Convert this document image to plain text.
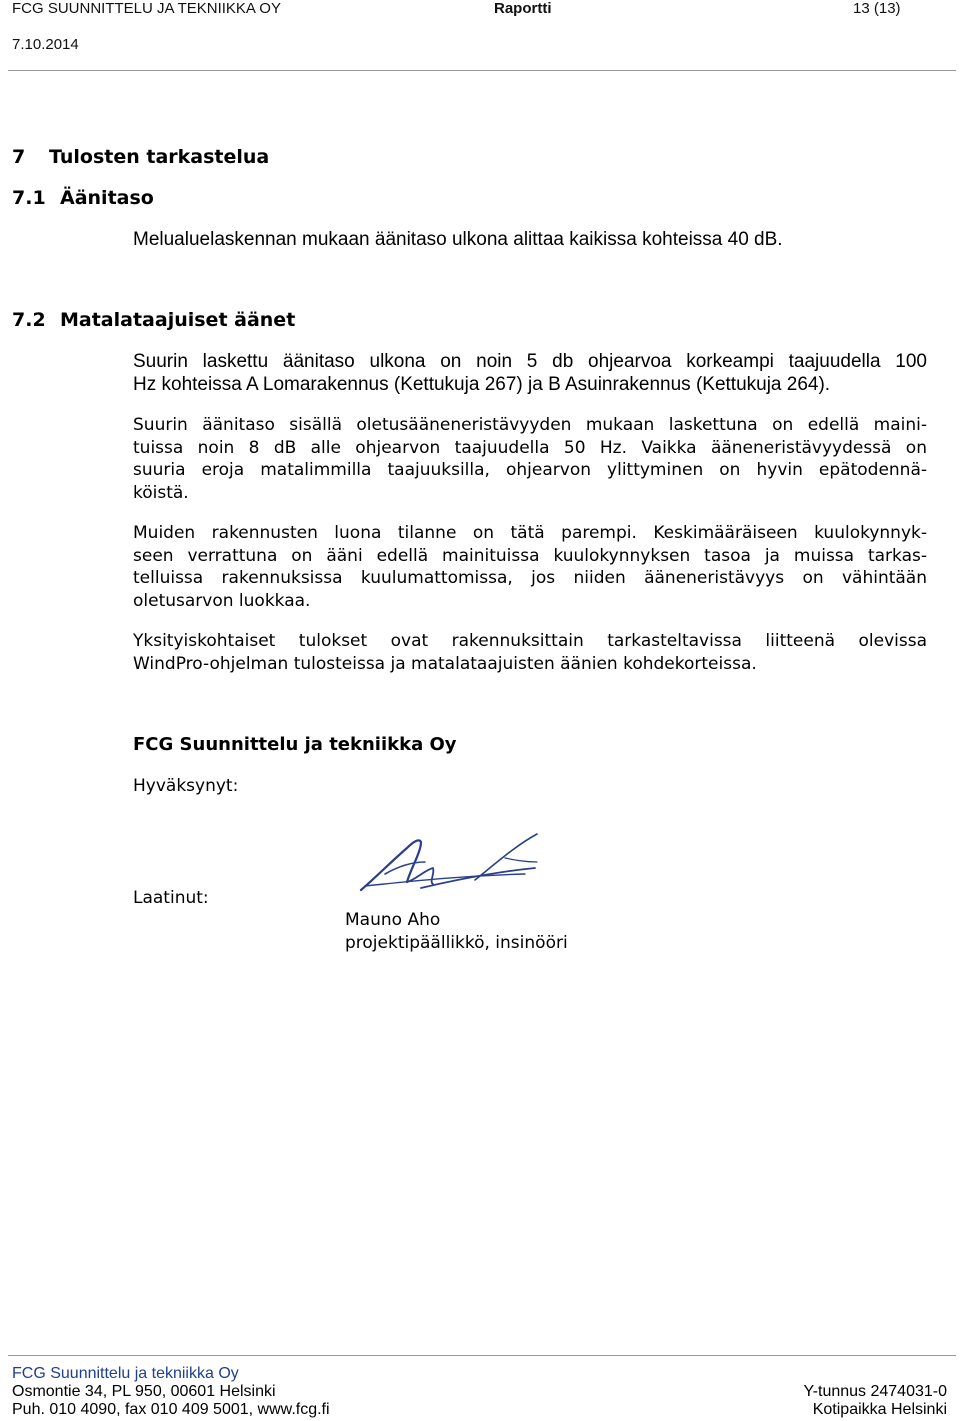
FCG SUUNNITTELU JA TEKNIIKKA OY	Raportti	13 (13)
7.10.2014
7 Tulosten tarkastelua
7.1 Äänitaso
Melualuelaskennan mukaan äänitaso ulkona alittaa kaikissa kohteissa 40 dB.
7.2 Matalataajuiset äänet
Suurin laskettu äänitaso ulkona on noin 5 db ohjearvoa korkeampi taajuudella 100
Hz kohteissa A Lomarakennus (Kettukuja 267) ja B Asuinrakennus (Kettukuja 264).
Suurin äänitaso sisällä oletusääneneristävyyden mukaan laskettuna on edellä maini-
tuissa noin 8 dB alle ohjearvon taajuudella 50 Hz. Vaikka ääneneristävyydessä on
suuria eroja matalimmilla taajuuksilla, ohjearvon ylittyminen on hyvin epätodennä-
köistä.
Muiden rakennusten luona tilanne on tätä parempi. Keskimääräiseen kuulokynnyk-
seen verrattuna on ääni edellä mainituissa kuulokynnyksen tasoa ja muissa tarkas-
telluissa rakennuksissa kuulumattomissa, jos niiden ääneneristävyys on vähintään
oletusarvon luokkaa.
Yksityiskohtaiset tulokset ovat rakennuksittain tarkasteltavissa liitteenä olevissa
WindPro-ohjelman tulosteissa ja matalataajuisten äänien kohdekorteissa.
FCG Suunnittelu ja tekniikka Oy
Hyväksynyt:
Laatinut:
Mauno Aho
projektipäällikkö, insinööri
FCG Suunnittelu ja tekniikka Oy
Osmontie 34, PL 950, 00601 Helsinki
Puh. 010 4090, fax 010 409 5001, www.fcg.fi
Y-tunnus 2474031-0
Kotipaikka Helsinki
